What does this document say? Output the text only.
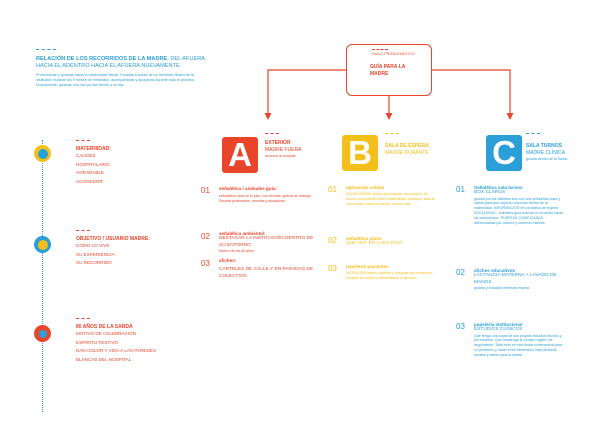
RELACIÓN DE LOS RECORRIDOS DE LA MADRE, DEL AFUERA HACIA EL ADENTRO HACIA EL AFUERA NUEVAMENTE.
Promocionar y guiarlas hacia la maternidad Sardá. Guiarlas a través de su recorrido dentro de la institución durante los 9 meses de embarazo, acompañarlas y apoyarlas durante todo el proceso. Nuevamente, guiarlas una vez ya han tenido a su hijo.
NUDO PROBLEMÁTICO
GUÍA PARA LA MADRE
MATERNIDAD:
CALIDEZ
HOSPITALARIO
AGRADABLE
ACOGEDOR
OBJETIVO / USUARIO MADRE:
CÓMO LO VIVE
SU EXPERIENCIA
SU RECORRIDO
80 AÑOS DE LA SARDÁ
MOTIVO DE CELEBRACIÓN
ESPÍRITU FESTIVO
DAN COLOR Y VIDA A LAS PAREDES
BLANCAS DEL HOSPITAL
A	EXTERIOR
MADRE FUERA
accesos al hospital
01 señalética / animales guía:
señalética clara en el piso, con flechas, globos de diálogo. Sendas peatonales, veredas y adoquines.
02 señalética ambiental:
DESTACAR LA INSTITUCIÓN DENTRO DE SU ENTORNO
Motivo de los 80 años
03 afiches:
CARTELES DE CALLE Y EN PARADAS DE COLECTIVO.
B	SALA DE ESPERA
MADRE DURANTE
01 aplicación celular
GUIAR MADRE dentro del hospital, recordatorio de turnos, información sobre maternidad, consejos, sala de comunidad. Madres Sardá y mucho más.
02 señalética plano
QUÉ HAY EN CADA PISO
03 papelería pacientes
NUTRICIÓN (antes, durante y después del embarazo). Ocupan su cuerpo y alimentación y ejercicio.
C	SALA TURNOS
MADRE CLÍNICA
guiarla dentro de la Sardá
01 Señalética sala turnos
BOX CLAROS
guiarla por los distintos box con una señalética clara y visible para que vaya su recorrido dentro de la maternidad. INFORMACIÓN en los baños de espera ESCALERAS - animales guía marcan el recorrido hacia los consultorios. PUERTAS CODIFICADAS diferenciadas por colores y números visibles
02 afiches educativos
LACTANCIA MATERNA + LAVADO DE MANOS
guiarla y educarla mientras espera
03 papelería institucional
ESTUDIOS CLÍNICOS
Que tenga una copia de sus propios estudios hechos y por hacerse. Que mantenga su propio registro de seguimiento. Todo esto en una funda contenedora para no perderlos y hacer el kit informativo más personal, amable y cálido para la madre.
